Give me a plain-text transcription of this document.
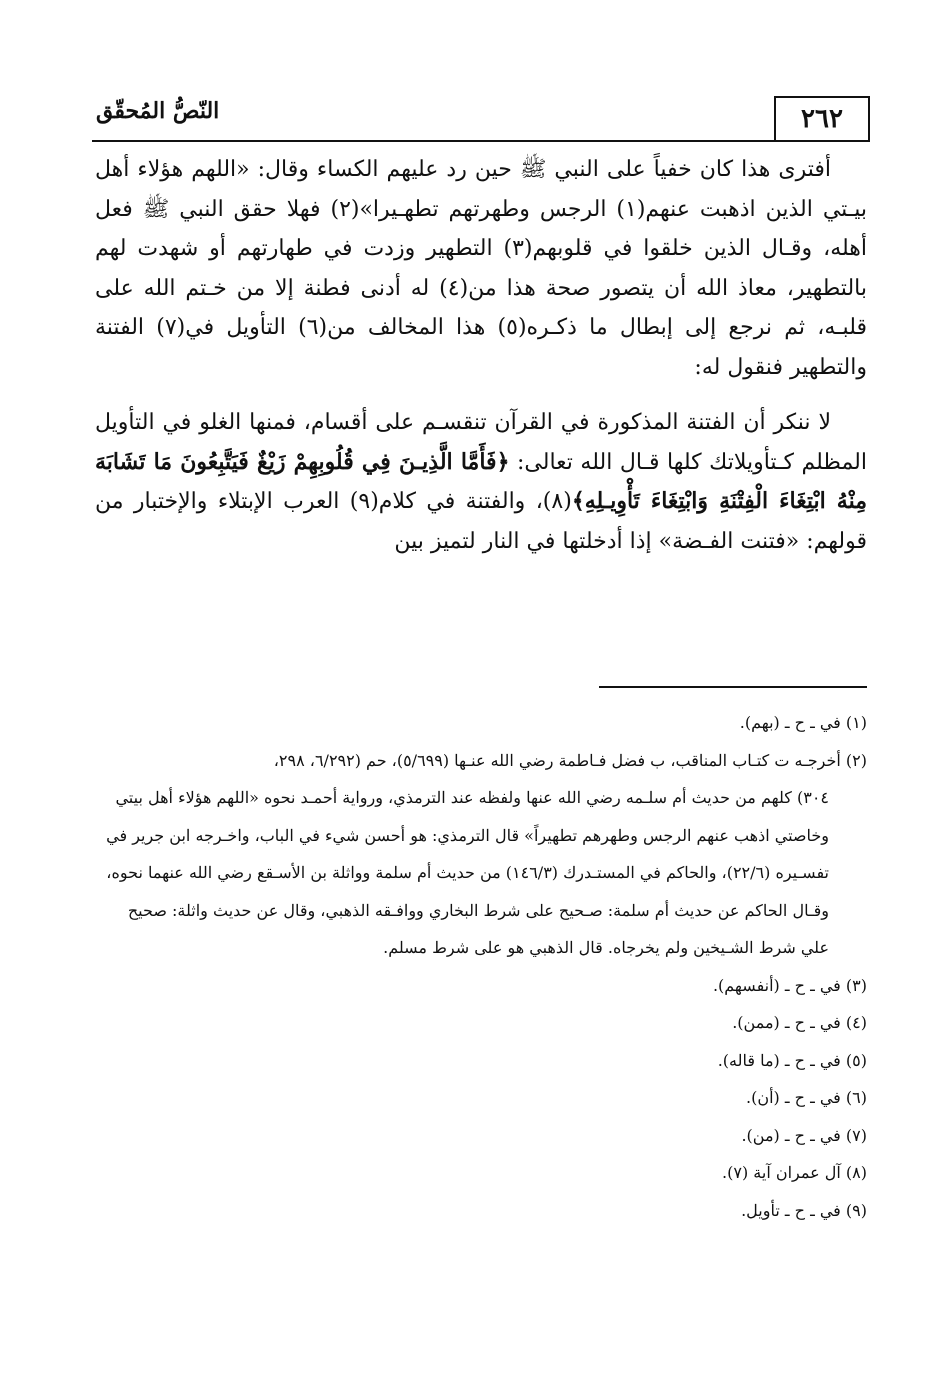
٢٦٢
النّصُّ المُحقّق

أفترى هذا كان خفياً على النبي ﷺ حين رد عليهم الكساء وقال: «اللهم هؤلاء أهل بيـتي الذين اذهبت عنهم(١) الرجس وطهرتهم تطهـيرا»(٢) فهلا حقق النبي ﷺ فعل أهله، وقـال الذين خلقوا في قلوبهم(٣) التطهير وزدت في طهارتهم أو شهدت لهم بالتطهير، معاذ الله أن يتصور صحة هذا من(٤) له أدنى فطنة إلا من خـتم الله على قلبـه، ثم نرجع إلى إبطال ما ذكـره(٥) هذا المخالف من(٦) التأويل في(٧) الفتنة والتطهير فنقول له:

لا ننكر أن الفتنة المذكورة في القرآن تنقسـم على أقسام، فمنها الغلو في التأويل المظلم كـتأويلاتك كلها قـال الله تعالى: ﴿فَأَمَّا الَّذِيـنَ فِي قُلُوبِهِمْ زَيْغٌ فَيَتَّبِعُونَ مَا تَشَابَهَ مِنْهُ ابْتِغَاءَ الْفِتْنَةِ وَابْتِغَاءَ تَأْوِيـلِهِ﴾(٨)، والفتنة في كلام(٩) العرب الإبتلاء والإختبار من قولهم: «فتنت الفـضة» إذا أدخلتها في النار لتميز بين

(١) في ـ ح ـ (بهم).

(٢) أخرجـه ت كتـاب المناقب، ب فضل فـاطمة رضي الله عنـها (٥/٦٩٩)، حم (٦/٢٩٢، ٢٩٨،

٣٠٤) كلهم من حديث أم سلـمه رضي الله عنها ولفظه عند الترمذي، ورواية أحمـد نحوه «اللهم هؤلاء أهل بيتي وخاصتي اذهب عنهم الرجس وطهرهم تطهيراً» قال الترمذي: هو أحسن شيء في الباب، واخـرجه ابن جرير في تفسـيره (٢٢/٦)، والحاكم في المستـدرك (١٤٦/٣) من حديث أم سلمة وواثلة بن الأسـقع رضي الله عنهما نحوه، وقـال الحاكم عن حديث أم سلمة: صـحيح على شرط البخاري ووافـقه الذهبي، وقال عن حديث واثلة: صحيح علي شرط الشـيخين ولم يخرجاه. قال الذهبي هو على شرط مسلم.

(٣) في ـ ح ـ (أنفسهم).

(٤) في ـ ح ـ (ممن).

(٥) في ـ ح ـ (ما قاله).

(٦) في ـ ح ـ (أن).

(٧) في ـ ح ـ (من).

(٨) آل عمران آية (٧).

(٩) في ـ ح ـ تأويل.
